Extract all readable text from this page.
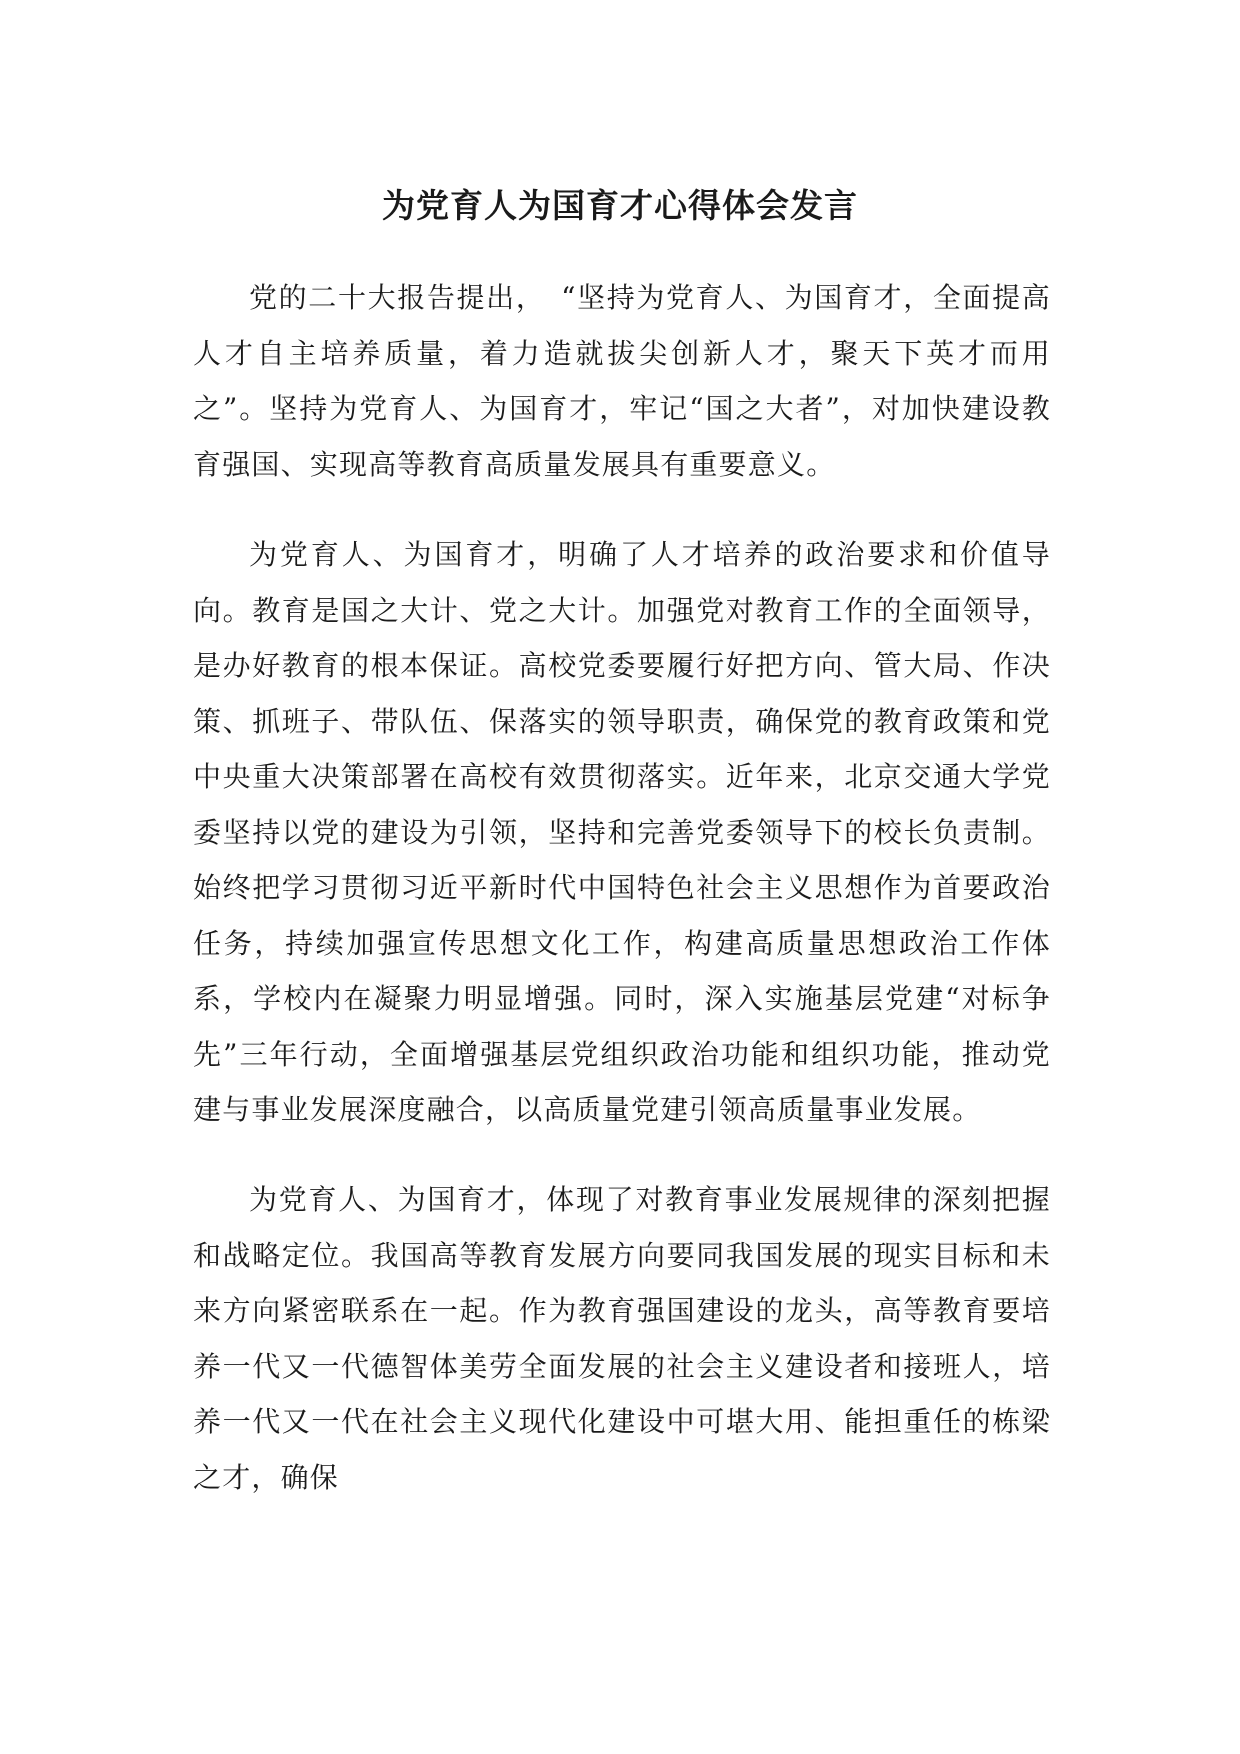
为党育人为国育才心得体会发言

党的二十大报告提出，　“坚持为党育人、为国育才，全面提高人才自主培养质量，着力造就拔尖创新人才，聚天下英才而用之”。坚持为党育人、为国育才，牢记“国之大者”，对加快建设教育强国、实现高等教育高质量发展具有重要意义。

为党育人、为国育才，明确了人才培养的政治要求和价值导向。教育是国之大计、党之大计。加强党对教育工作的全面领导，是办好教育的根本保证。高校党委要履行好把方向、管大局、作决策、抓班子、带队伍、保落实的领导职责，确保党的教育政策和党中央重大决策部署在高校有效贯彻落实。近年来，北京交通大学党委坚持以党的建设为引领，坚持和完善党委领导下的校长负责制。始终把学习贯彻习近平新时代中国特色社会主义思想作为首要政治任务，持续加强宣传思想文化工作，构建高质量思想政治工作体系，学校内在凝聚力明显增强。同时，深入实施基层党建“对标争先”三年行动，全面增强基层党组织政治功能和组织功能，推动党建与事业发展深度融合，以高质量党建引领高质量事业发展。

为党育人、为国育才，体现了对教育事业发展规律的深刻把握和战略定位。我国高等教育发展方向要同我国发展的现实目标和未来方向紧密联系在一起。作为教育强国建设的龙头，高等教育要培养一代又一代德智体美劳全面发展的社会主义建设者和接班人，培养一代又一代在社会主义现代化建设中可堪大用、能担重任的栋梁之才，确保
